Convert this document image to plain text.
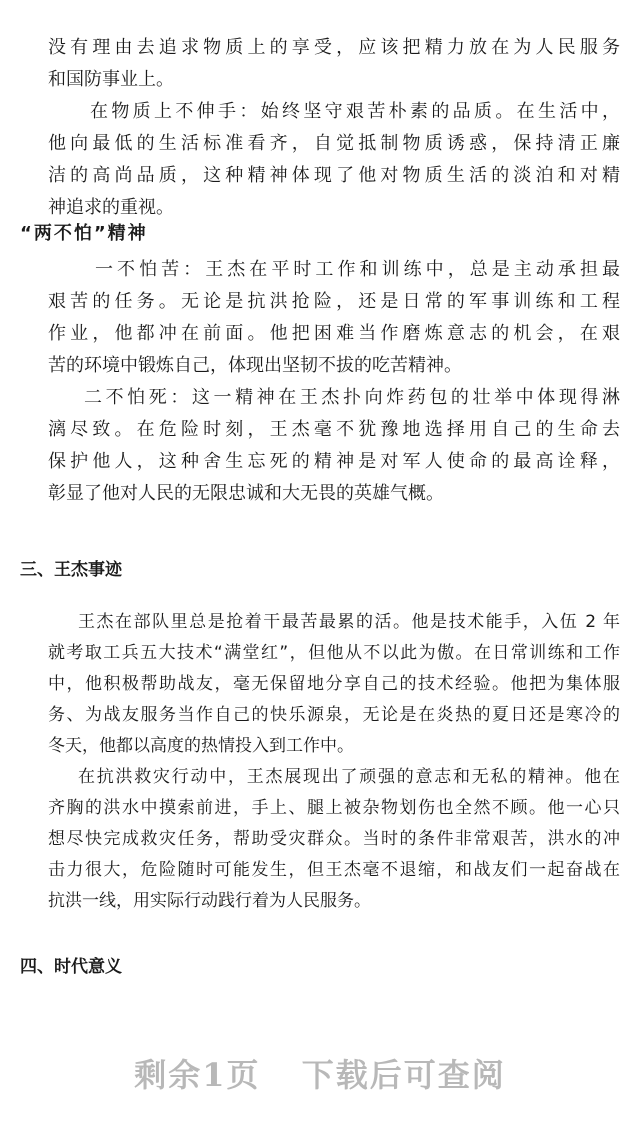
没有理由去追求物质上的享受，应该把精力放在为人民服务
和国防事业上。
在物质上不伸手：始终坚守艰苦朴素的品质。在生活中，
他向最低的生活标准看齐，自觉抵制物质诱惑，保持清正廉
洁的高尚品质，这种精神体现了他对物质生活的淡泊和对精
神追求的重视。
“两不怕”精神
一不怕苦：王杰在平时工作和训练中，总是主动承担最
艰苦的任务。无论是抗洪抢险，还是日常的军事训练和工程
作业，他都冲在前面。他把困难当作磨炼意志的机会，在艰
苦的环境中锻炼自己，体现出坚韧不拔的吃苦精神。
二不怕死：这一精神在王杰扑向炸药包的壮举中体现得淋
漓尽致。在危险时刻，王杰毫不犹豫地选择用自己的生命去
保护他人，这种舍生忘死的精神是对军人使命的最高诠释，
彰显了他对人民的无限忠诚和大无畏的英雄气概。
三、王杰事迹
王杰在部队里总是抢着干最苦最累的活。他是技术能手，入伍 2 年
就考取工兵五大技术“满堂红”，但他从不以此为傲。在日常训练和工作
中，他积极帮助战友，毫无保留地分享自己的技术经验。他把为集体服
务、为战友服务当作自己的快乐源泉，无论是在炎热的夏日还是寒冷的
冬天，他都以高度的热情投入到工作中。
在抗洪救灾行动中，王杰展现出了顽强的意志和无私的精神。他在
齐胸的洪水中摸索前进，手上、腿上被杂物划伤也全然不顾。他一心只
想尽快完成救灾任务，帮助受灾群众。当时的条件非常艰苦，洪水的冲
击力很大，危险随时可能发生，但王杰毫不退缩，和战友们一起奋战在
抗洪一线，用实际行动践行着为人民服务。
四、时代意义
剩余1页 下载后可查阅
